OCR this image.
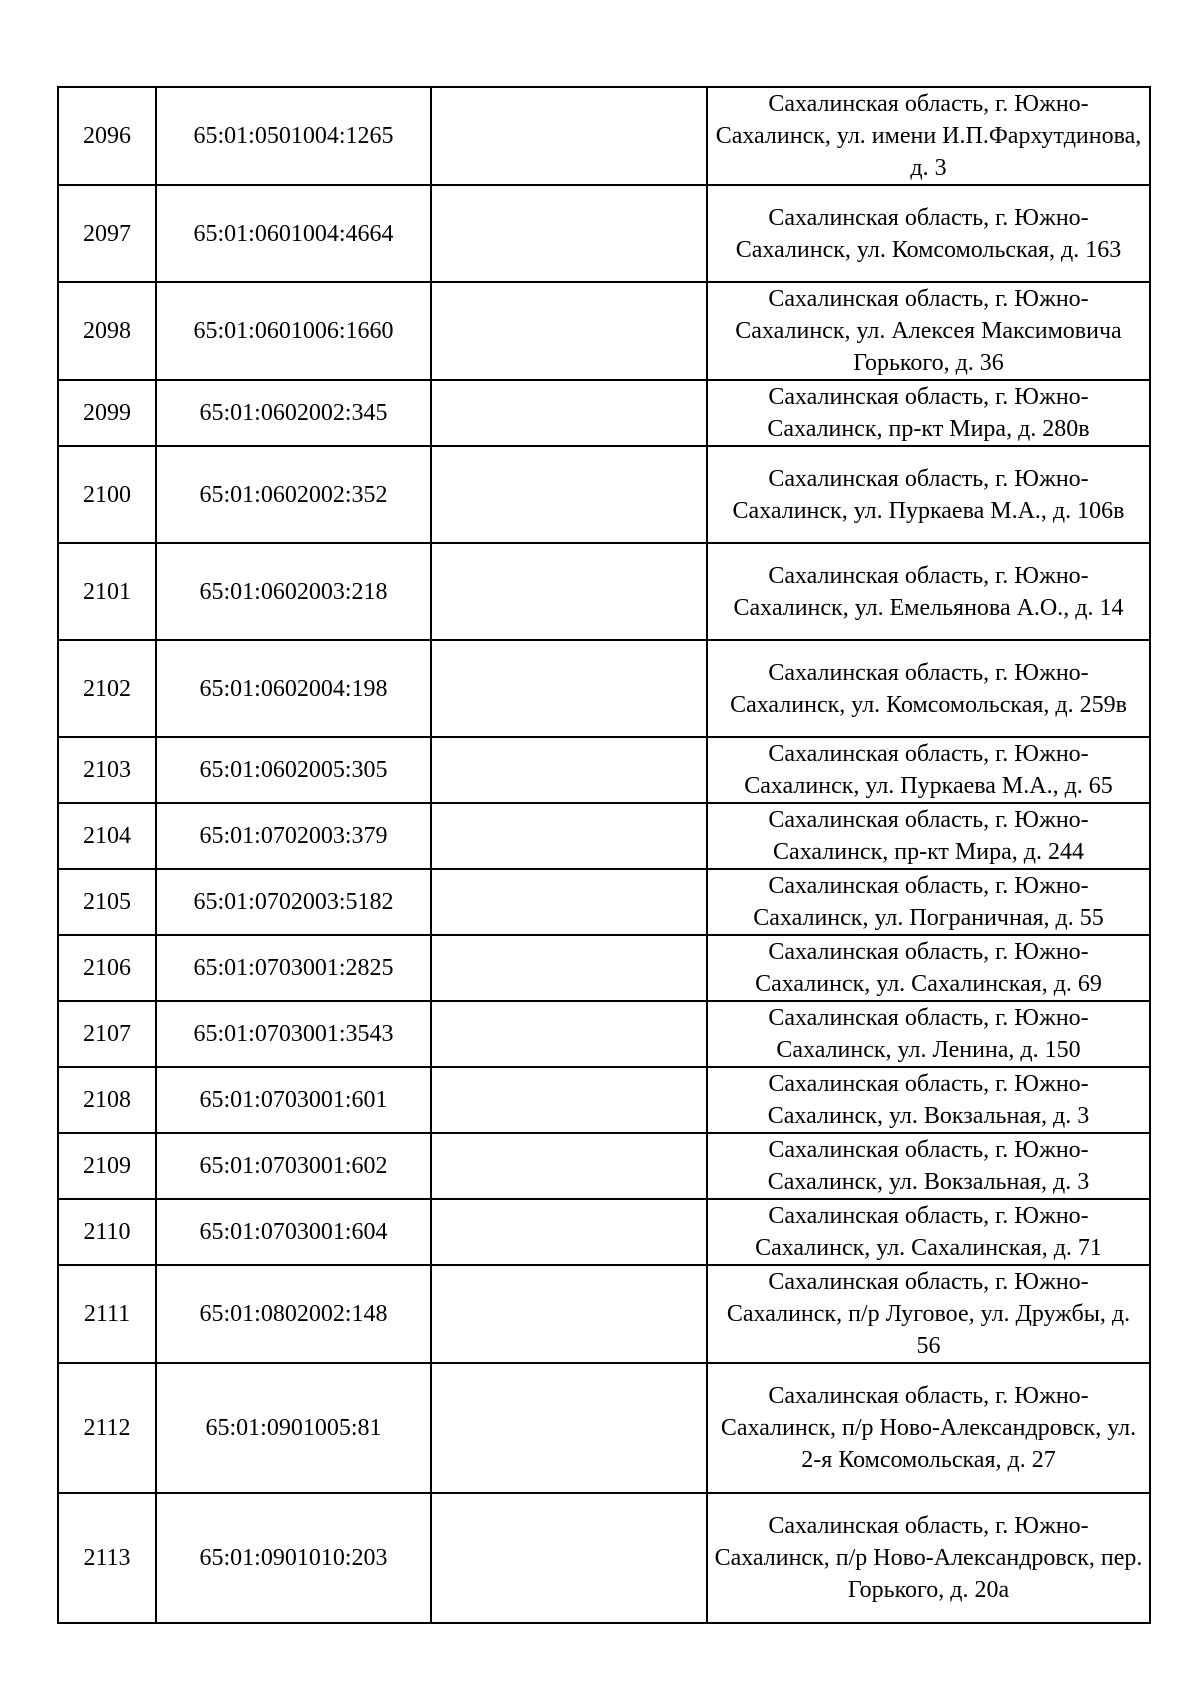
2096	65:01:0501004:1265		Сахалинская область, г. Южно-Сахалинск, ул. имени И.П.Фархутдинова, д. 3
2097	65:01:0601004:4664		Сахалинская область, г. Южно-Сахалинск, ул. Комсомольская, д. 163
2098	65:01:0601006:1660		Сахалинская область, г. Южно-Сахалинск, ул. Алексея Максимовича Горького, д. 36
2099	65:01:0602002:345		Сахалинская область, г. Южно-Сахалинск, пр-кт Мира, д. 280в
2100	65:01:0602002:352		Сахалинская область, г. Южно-Сахалинск, ул. Пуркаева М.А., д. 106в
2101	65:01:0602003:218		Сахалинская область, г. Южно-Сахалинск, ул. Емельянова А.О., д. 14
2102	65:01:0602004:198		Сахалинская область, г. Южно-Сахалинск, ул. Комсомольская, д. 259в
2103	65:01:0602005:305		Сахалинская область, г. Южно-Сахалинск, ул. Пуркаева М.А., д. 65
2104	65:01:0702003:379		Сахалинская область, г. Южно-Сахалинск, пр-кт Мира, д. 244
2105	65:01:0702003:5182		Сахалинская область, г. Южно-Сахалинск, ул. Пограничная, д. 55
2106	65:01:0703001:2825		Сахалинская область, г. Южно-Сахалинск, ул. Сахалинская, д. 69
2107	65:01:0703001:3543		Сахалинская область, г. Южно-Сахалинск, ул. Ленина, д. 150
2108	65:01:0703001:601		Сахалинская область, г. Южно-Сахалинск, ул. Вокзальная, д. 3
2109	65:01:0703001:602		Сахалинская область, г. Южно-Сахалинск, ул. Вокзальная, д. 3
2110	65:01:0703001:604		Сахалинская область, г. Южно-Сахалинск, ул. Сахалинская, д. 71
2111	65:01:0802002:148		Сахалинская область, г. Южно-Сахалинск, п/р Луговое, ул. Дружбы, д. 56
2112	65:01:0901005:81		Сахалинская область, г. Южно-Сахалинск, п/р Ново-Александровск, ул. 2-я Комсомольская, д. 27
2113	65:01:0901010:203		Сахалинская область, г. Южно-Сахалинск, п/р Ново-Александровск, пер. Горького, д. 20а
